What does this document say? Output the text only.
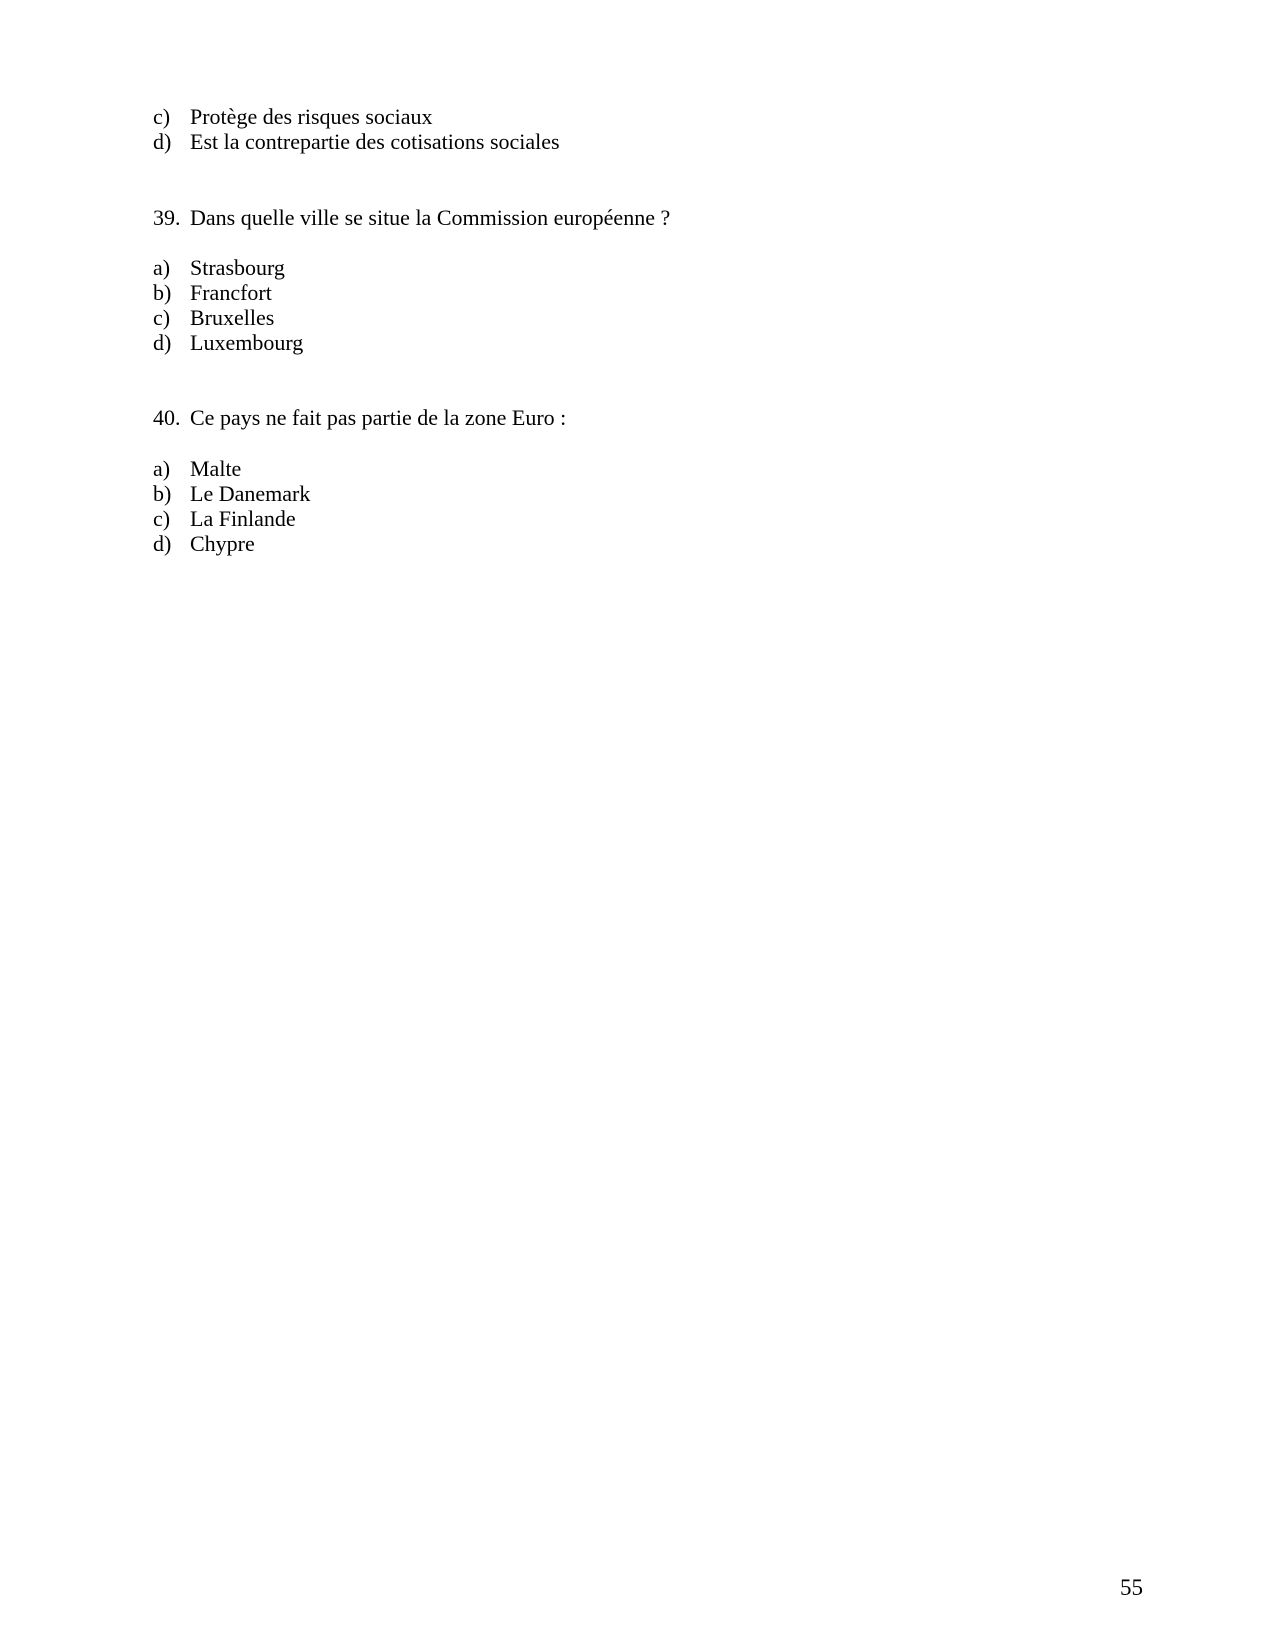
c) Protège des risques sociaux
d) Est la contrepartie des cotisations sociales
39. Dans quelle ville se situe la Commission européenne ?
a) Strasbourg
b) Francfort
c) Bruxelles
d) Luxembourg
40. Ce pays ne fait pas partie de la zone Euro :
a) Malte
b) Le Danemark
c) La Finlande
d) Chypre
55
